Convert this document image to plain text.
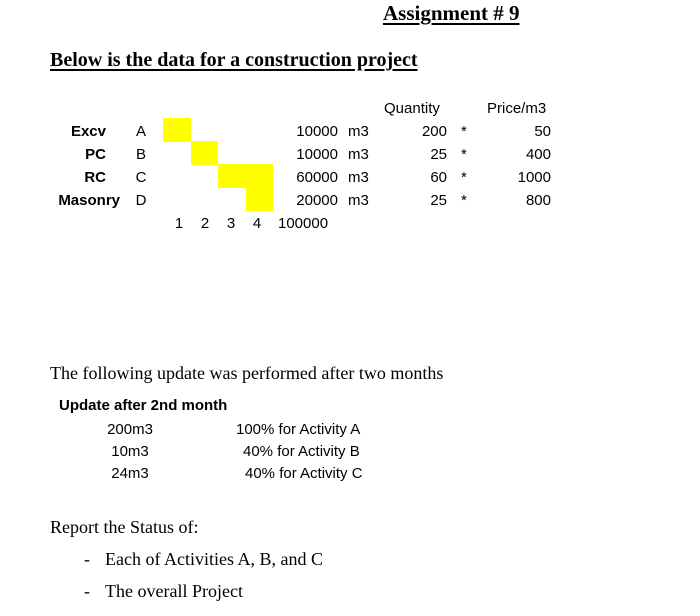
Assignment # 9
Below is the data for a construction project
Quantity	Price/m3
Excv A	10000 m3	200 *	50
PC B	10000 m3	25 *	400
RC C	60000 m3	60 *	1000
Masonry D	20000 m3	25 *	800
1 2 3 4 100000
The following update was performed after two months
Update after 2nd month
200m3	100% for Activity A
10m3	40% for Activity B
24m3	40% for Activity C
Report the Status of:
- Each of Activities A, B, and C
- The overall Project
